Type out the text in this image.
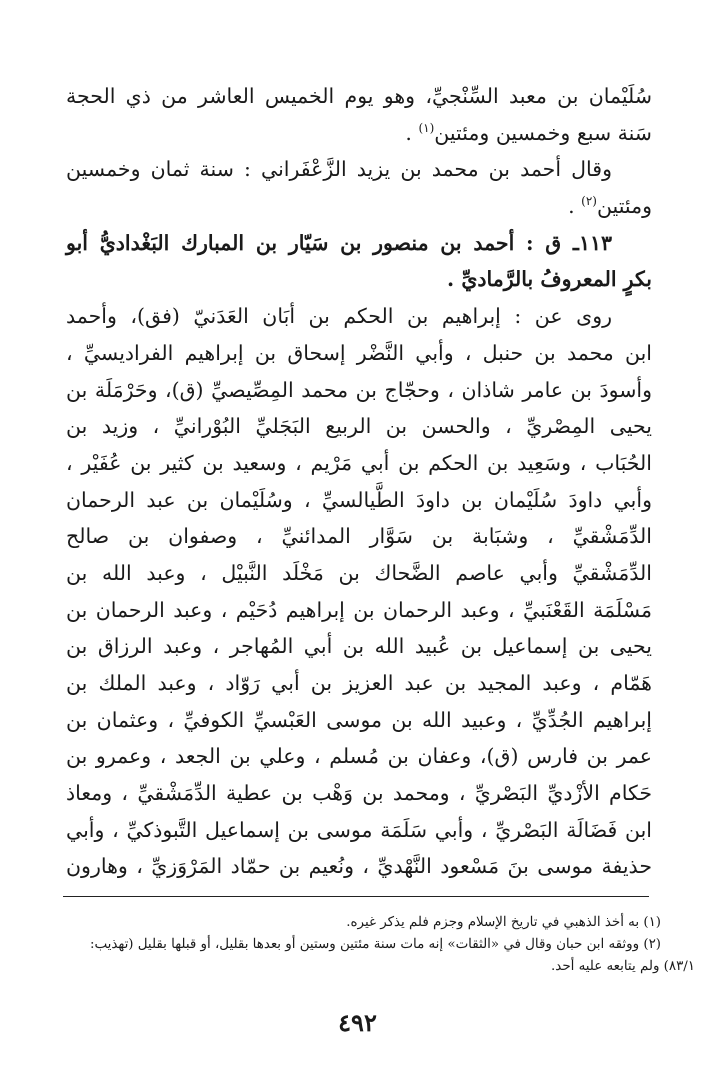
سُلَيْمان بن معبد السِّنْجيِّ، وهو يوم الخميس العاشر من ذي الحجة
سَنة سبع وخمسين ومئتين$^{(١)}$ .
وقال أحمد بن محمد بن يزيد الزَّعْفَراني : سنة ثمان وخمسين
ومئتين$^{(٢)}$ .
١١٣ـ ق : أحمد بن منصور بن سَيّار بن المبارك البَغْداديُّ أبو
بكرٍ المعروفُ بالرَّماديِّ .
روى عن : إبراهيم بن الحكم بن أبَان العَدَنيّ (فق)، وأحمد
ابن محمد بن حنبل ، وأبي النَّضْر إسحاق بن إبراهيم الفراديسيِّ ،
وأسودَ بن عامر شاذان ، وحجّاج بن محمد المِصِّيصيِّ (ق)، وحَرْمَلَة بن
يحيى المِصْريِّ ، والحسن بن الربيع البَجَليِّ البُوْرانيِّ ، وزيد بن
الحُبَاب ، وسَعِيد بن الحكم بن أبي مَرْيم ، وسعيد بن كثير بن عُفَيْر ،
وأبي داودَ سُلَيْمان بن داودَ الطَّيالسيِّ ، وسُلَيْمان بن عبد الرحمان
الدِّمَشْقيِّ ، وشبَابة بن سَوَّار المدائنيِّ ، وصفوان بن صالح
الدِّمَشْقيِّ وأبي عاصم الضَّحاك بن مَخْلَد النَّبيْل ، وعبد الله بن
مَسْلَمَة القَعْنَبيِّ ، وعبد الرحمان بن إبراهيم دُحَيْم ، وعبد الرحمان بن
يحيى بن إسماعيل بن عُبيد الله بن أبي المُهاجر ، وعبد الرزاق بن
هَمّام ، وعبد المجيد بن عبد العزيز بن أبي رَوّاد ، وعبد الملك بن
إبراهيم الجُدِّيِّ ، وعبيد الله بن موسى العَبْسيِّ الكوفيِّ ، وعثمان بن
عمر بن فارس (ق)، وعفان بن مُسلم ، وعلي بن الجعد ، وعمرو بن
حَكام الأزْديِّ البَصْريِّ ، ومحمد بن وَهْب بن عطية الدِّمَشْقيِّ ، ومعاذ
ابن فَضَالَة البَصْريِّ ، وأبي سَلَمَة موسى بن إسماعيل التَّبوذكيِّ ، وأبي
حذيفة موسى بنَ مَسْعود النَّهْديِّ ، ونُعيم بن حمّاد المَرْوَزيِّ ، وهارون
(١) به أخذ الذهبي في تاريخ الإسلام وجزم فلم يذكر غيره.
(٢) ووثقه ابن حبان وقال في «الثقات» إنه مات سنة مئتين وستين أو بعدها بقليل، أو قبلها بقليل (تهذيب:
٨٣/١) ولم يتابعه عليه أحد.
٤٩٢
